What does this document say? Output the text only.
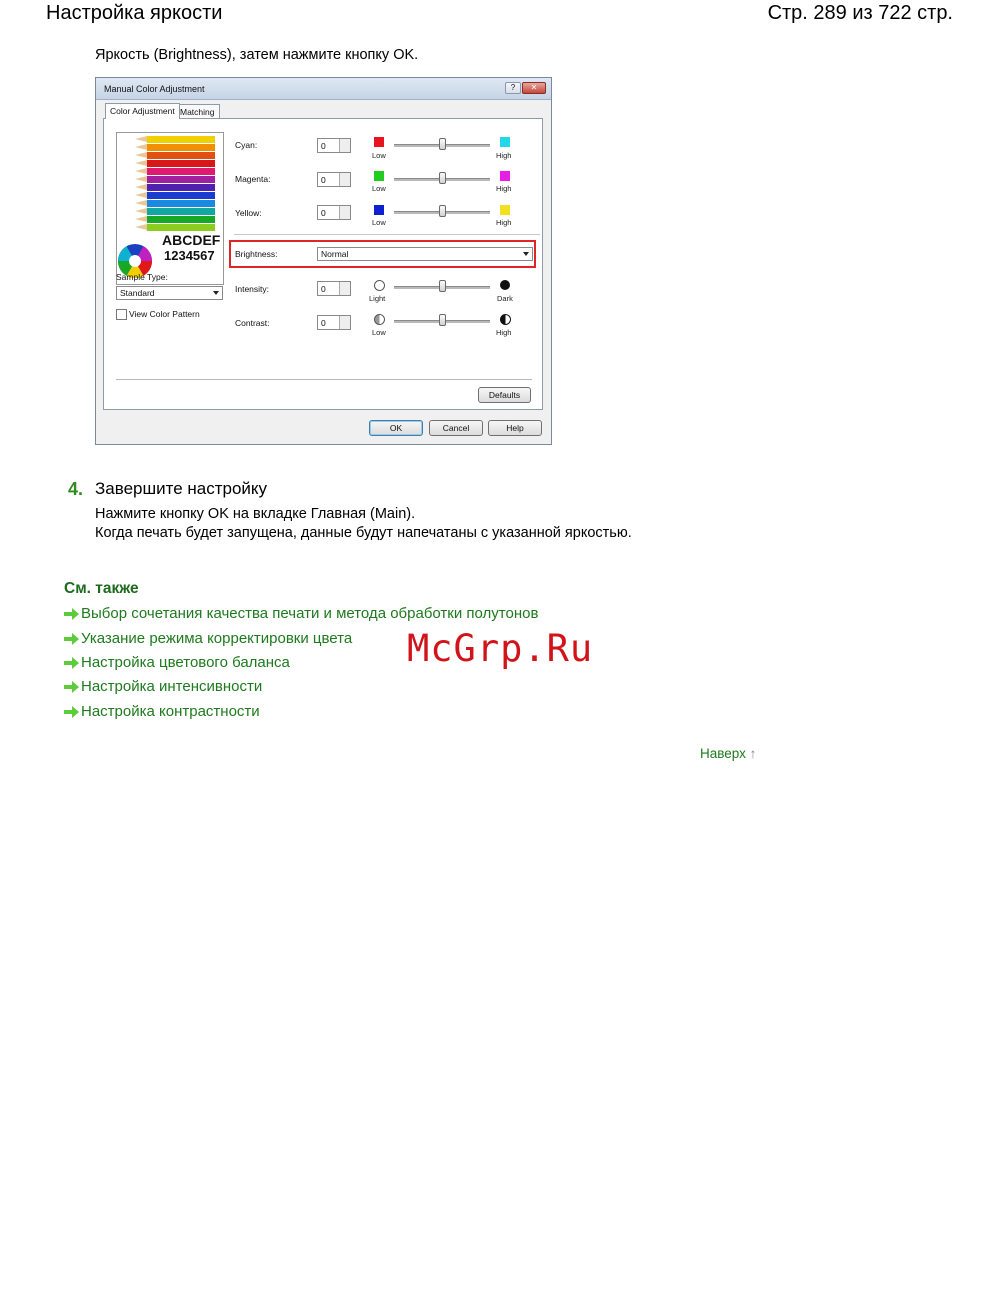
Настройка яркости	Стр. 289 из 722 стр.
Яркость (Brightness), затем нажмите кнопку OK.
Manual Color Adjustment	?	✕
Color Adjustment Matching
ABCDEF
1234567
Sample Type:
Standard
View Color Pattern
Cyan:	0
Low	High
Magenta:	0
Low	High
Yellow:	0
Low	High
Brightness:	Normal
Intensity:	0
Light	Dark
Contrast:	0
Low	High
Defaults
OK	Cancel	Help
4. Завершите настройку
Нажмите кнопку OK на вкладке Главная (Main).
Когда печать будет запущена, данные будут напечатаны с указанной яркостью.
См. также
Выбор сочетания качества печати и метода обработки полутонов
Указание режима корректировки цвета
Настройка цветового баланса
Настройка интенсивности
Настройка контрастности
McGrp.Ru
Наверх ↑
